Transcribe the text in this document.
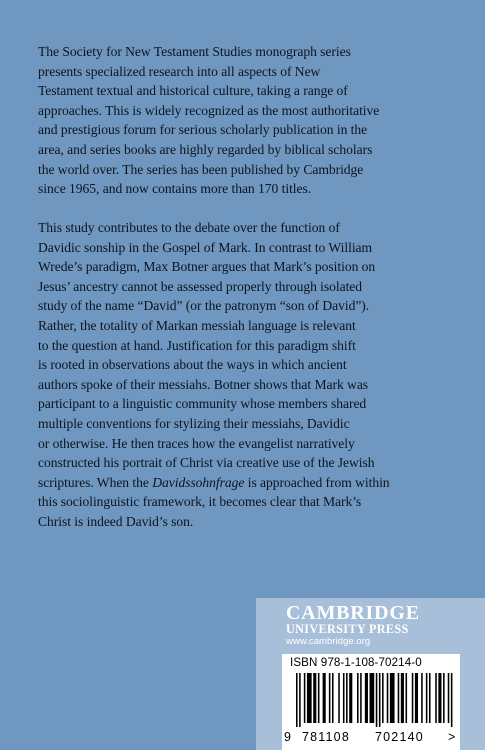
The Society for New Testament Studies monograph series
presents specialized research into all aspects of New
Testament textual and historical culture, taking a range of
approaches. This is widely recognized as the most authoritative
and prestigious forum for serious scholarly publication in the
area, and series books are highly regarded by biblical scholars
the world over. The series has been published by Cambridge
since 1965, and now contains more than 170 titles.
This study contributes to the debate over the function of
Davidic sonship in the Gospel of Mark. In contrast to William
Wrede’s paradigm, Max Botner argues that Mark’s position on
Jesus’ ancestry cannot be assessed properly through isolated
study of the name “David” (or the patronym “son of David”).
Rather, the totality of Markan messiah language is relevant
to the question at hand. Justification for this paradigm shift
is rooted in observations about the ways in which ancient
authors spoke of their messiahs. Botner shows that Mark was
participant to a linguistic community whose members shared
multiple conventions for stylizing their messiahs, Davidic
or otherwise. He then traces how the evangelist narratively
constructed his portrait of Christ via creative use of the Jewish
scriptures. When the Davidssohnfrage is approached from within
this sociolinguistic framework, it becomes clear that Mark’s
Christ is indeed David’s son.
CAMBRIDGE
UNIVERSITY PRESS
www.cambridge.org
ISBN 978-1-108-70214-0
9 781108 702140 >
